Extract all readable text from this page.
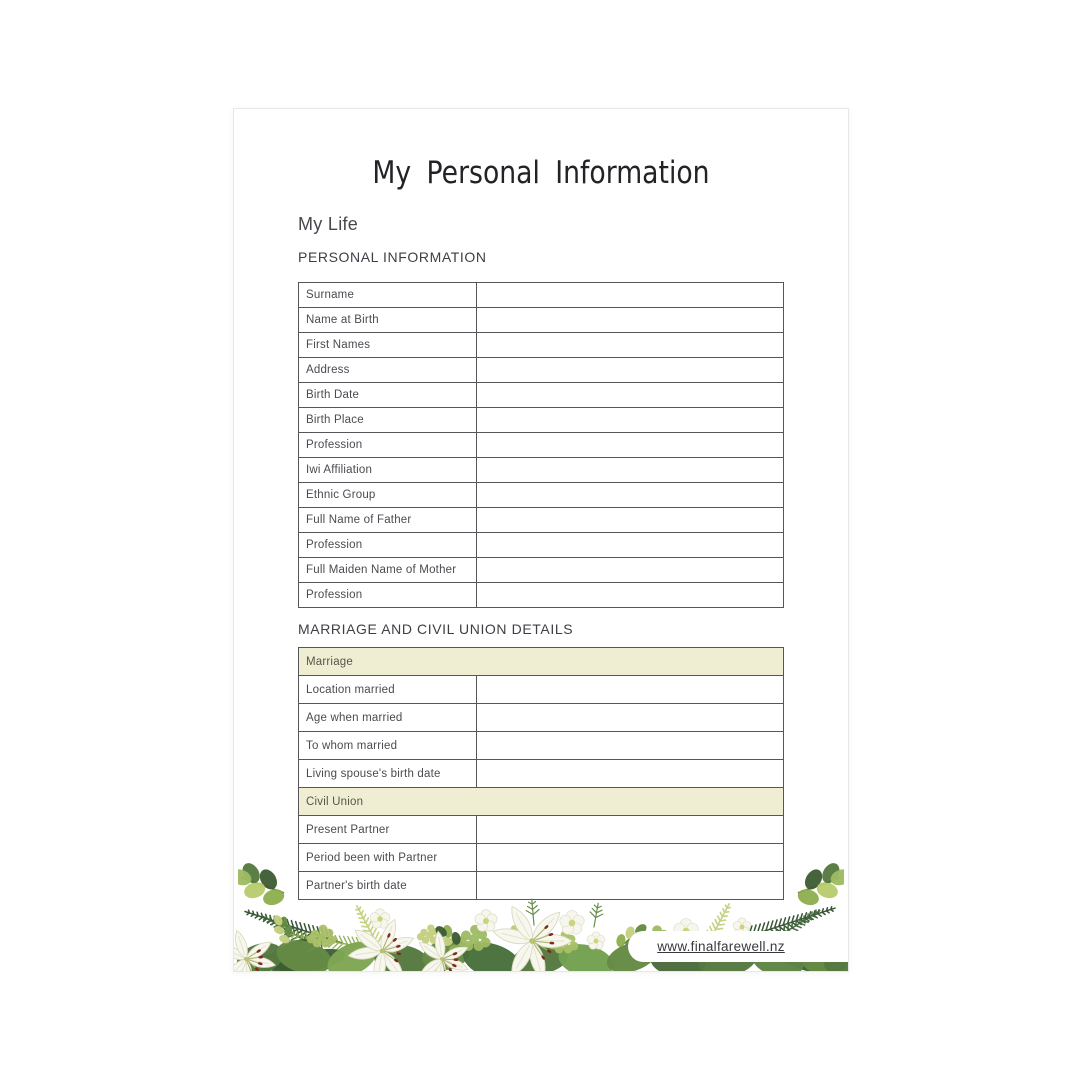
My Personal Information
My Life
PERSONAL INFORMATION
Surname
Name at Birth
First Names
Address
Birth Date
Birth Place
Profession
Iwi Affiliation
Ethnic Group
Full Name of Father
Profession
Full Maiden Name of Mother
Profession
MARRIAGE AND CIVIL UNION DETAILS
Marriage
Location married
Age when married
To whom married
Living spouse's birth date
Civil Union
Present Partner
Period been with Partner
Partner's birth date
www.finalfarewell.nz
